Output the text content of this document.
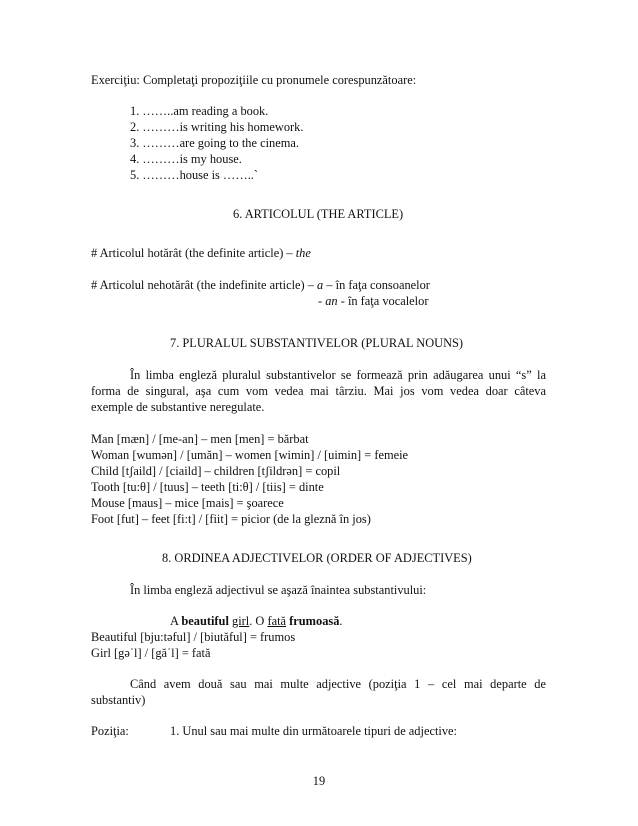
Exerciţiu: Completaţi propoziţiile cu pronumele corespunzătoare:
1. ……..am reading a book.
2. ………is writing his homework.
3. ………are going to the cinema.
4. ………is my house.
5. ………house is ……..`
6. ARTICOLUL (THE ARTICLE)
# Articolul hotărât (the definite article) – the
# Articolul nehotărât (the indefinite article) – a – în faţa consoanelor
- an - în faţa vocalelor
7. PLURALUL SUBSTANTIVELOR (PLURAL NOUNS)
În limba engleză pluralul substantivelor se formează prin adăugarea unui “s” la
forma de singural, aşa cum vom vedea mai târziu. Mai jos vom vedea doar câteva
exemple de substantive neregulate.
Man [mæn] / [me-an] – men [men] = bărbat
Woman [wumən] / [umăn] – women [wimin] / [uimin] = femeie
Child [tʃaild] / [ciaild] – children [tʃildrən] = copil
Tooth [tu:θ] / [tuus] – teeth [ti:θ] / [tiis] = dinte
Mouse [maus] – mice [mais] = şoarece
Foot [fut] – feet [fi:t] / [fiit] = picior (de la gleznă în jos)
8. ORDINEA ADJECTIVELOR (ORDER OF ADJECTIVES)
În limba engleză adjectivul se aşază înaintea substantivului:
A beautiful girl. O fată frumoasă.
Beautiful [bju:təful] / [biutăful] = frumos
Girl [gəˈl] / [găˈl] = fată
Când avem două sau mai multe adjective (poziţia 1 – cel mai departe de
substantiv)
Poziţia:	1. Unul sau mai multe din următoarele tipuri de adjective:
19
